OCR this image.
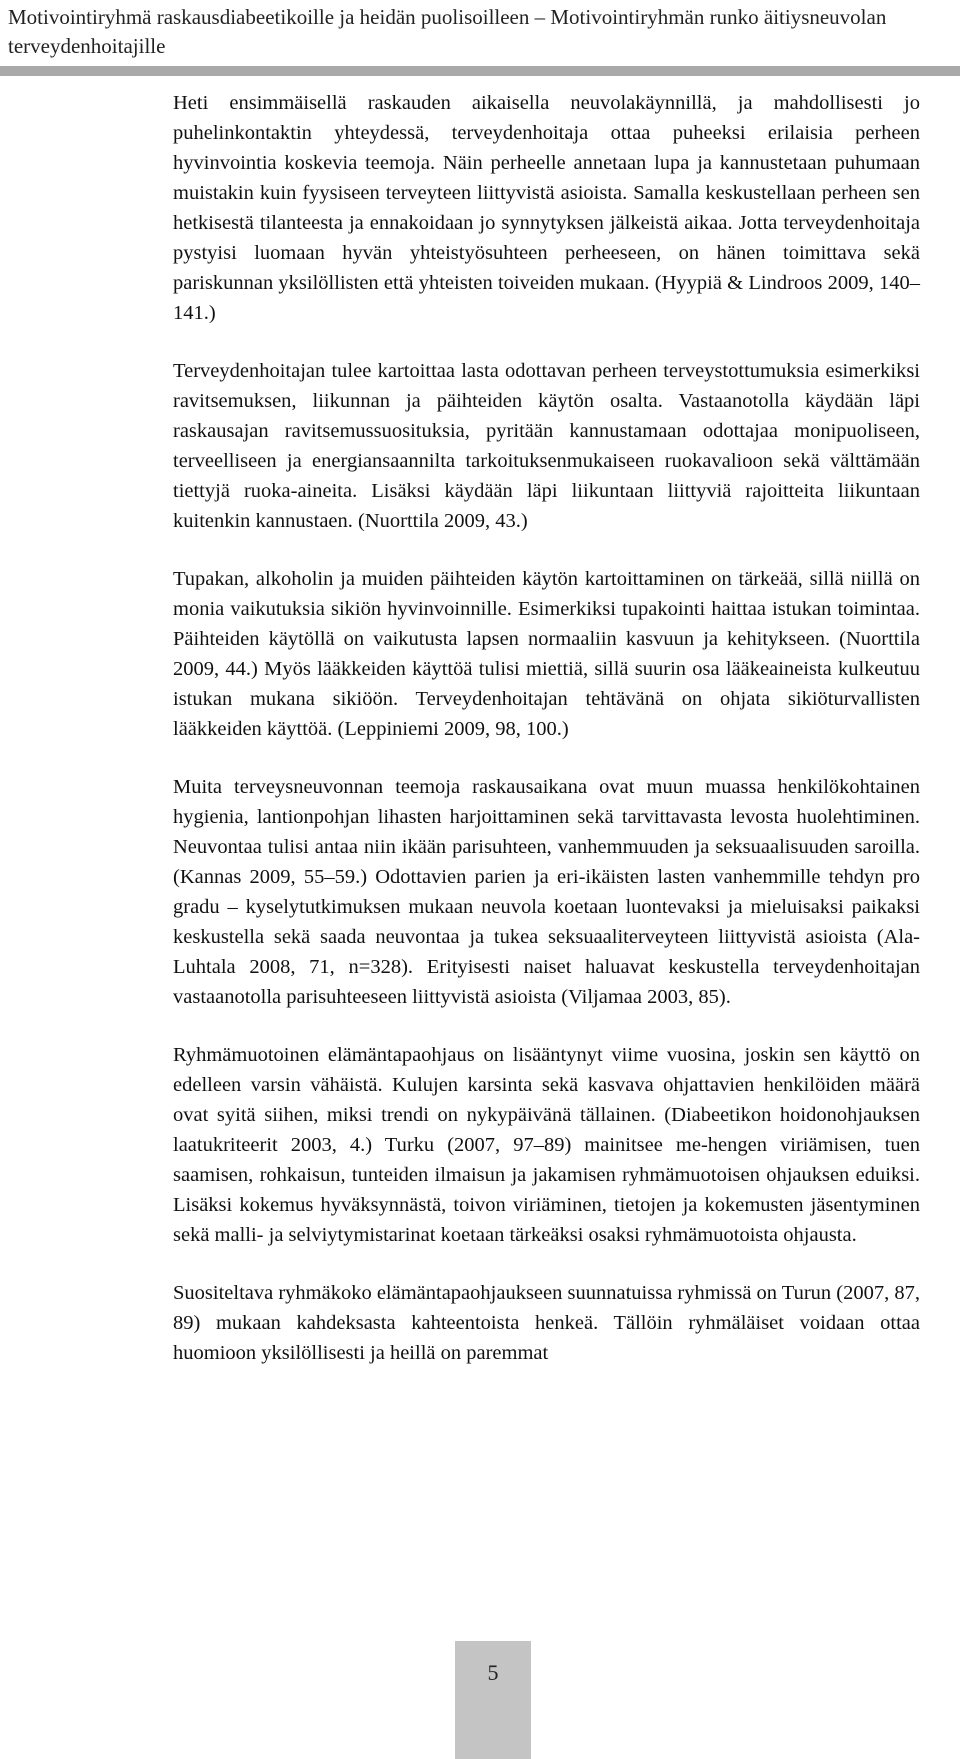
Motivointiryhmä raskausdiabeetikoille ja heidän puolisoilleen – Motivointiryhmän runko äitiysneuvolan terveydenhoitajille

Heti ensimmäisellä raskauden aikaisella neuvolakäynnillä, ja mahdollisesti jo puhelinkontaktin yhteydessä, terveydenhoitaja ottaa puheeksi erilaisia perheen hyvinvointia koskevia teemoja. Näin perheelle annetaan lupa ja kannustetaan puhumaan muistakin kuin fyysiseen terveyteen liittyvistä asioista. Samalla keskustellaan perheen sen hetkisestä tilanteesta ja ennakoidaan jo synnytyksen jälkeistä aikaa. Jotta terveydenhoitaja pystyisi luomaan hyvän yhteistyösuhteen perheeseen, on hänen toimittava sekä pariskunnan yksilöllisten että yhteisten toiveiden mukaan. (Hyypiä & Lindroos 2009, 140–141.)

Terveydenhoitajan tulee kartoittaa lasta odottavan perheen terveystottumuksia esimerkiksi ravitsemuksen, liikunnan ja päihteiden käytön osalta. Vastaanotolla käydään läpi raskausajan ravitsemussuosituksia, pyritään kannustamaan odottajaa monipuoliseen, terveelliseen ja energiansaannilta tarkoituksenmukaiseen ruokavalioon sekä välttämään tiettyjä ruoka-aineita. Lisäksi käydään läpi liikuntaan liittyviä rajoitteita liikuntaan kuitenkin kannustaen. (Nuorttila 2009, 43.)

Tupakan, alkoholin ja muiden päihteiden käytön kartoittaminen on tärkeää, sillä niillä on monia vaikutuksia sikiön hyvinvoinnille. Esimerkiksi tupakointi haittaa istukan toimintaa. Päihteiden käytöllä on vaikutusta lapsen normaaliin kasvuun ja kehitykseen. (Nuorttila 2009, 44.) Myös lääkkeiden käyttöä tulisi miettiä, sillä suurin osa lääkeaineista kulkeutuu istukan mukana sikiöön. Terveydenhoitajan tehtävänä on ohjata sikiöturvallisten lääkkeiden käyttöä. (Leppiniemi 2009, 98, 100.)

Muita terveysneuvonnan teemoja raskausaikana ovat muun muassa henkilökohtainen hygienia, lantionpohjan lihasten harjoittaminen sekä tarvittavasta levosta huolehtiminen. Neuvontaa tulisi antaa niin ikään parisuhteen, vanhemmuuden ja seksuaalisuuden saroilla. (Kannas 2009, 55–59.) Odottavien parien ja eri-ikäisten lasten vanhemmille tehdyn pro gradu – kyselytutkimuksen mukaan neuvola koetaan luontevaksi ja mieluisaksi paikaksi keskustella sekä saada neuvontaa ja tukea seksuaaliterveyteen liittyvistä asioista (Ala-Luhtala 2008, 71, n=328). Erityisesti naiset haluavat keskustella terveydenhoitajan vastaanotolla parisuhteeseen liittyvistä asioista (Viljamaa 2003, 85).

Ryhmämuotoinen elämäntapaohjaus on lisääntynyt viime vuosina, joskin sen käyttö on edelleen varsin vähäistä. Kulujen karsinta sekä kasvava ohjattavien henkilöiden määrä ovat syitä siihen, miksi trendi on nykypäivänä tällainen. (Diabeetikon hoidonohjauksen laatukriteerit 2003, 4.) Turku (2007, 97–89) mainitsee me-hengen viriämisen, tuen saamisen, rohkaisun, tunteiden ilmaisun ja jakamisen ryhmämuotoisen ohjauksen eduiksi. Lisäksi kokemus hyväksynnästä, toivon viriäminen, tietojen ja kokemusten jäsentyminen sekä malli- ja selviytymistarinat koetaan tärkeäksi osaksi ryhmämuotoista ohjausta.

Suositeltava ryhmäkoko elämäntapaohjaukseen suunnatuissa ryhmissä on Turun (2007, 87, 89) mukaan kahdeksasta kahteentoista henkeä. Tällöin ryhmäläiset voidaan ottaa huomioon yksilöllisesti ja heillä on paremmat

5
